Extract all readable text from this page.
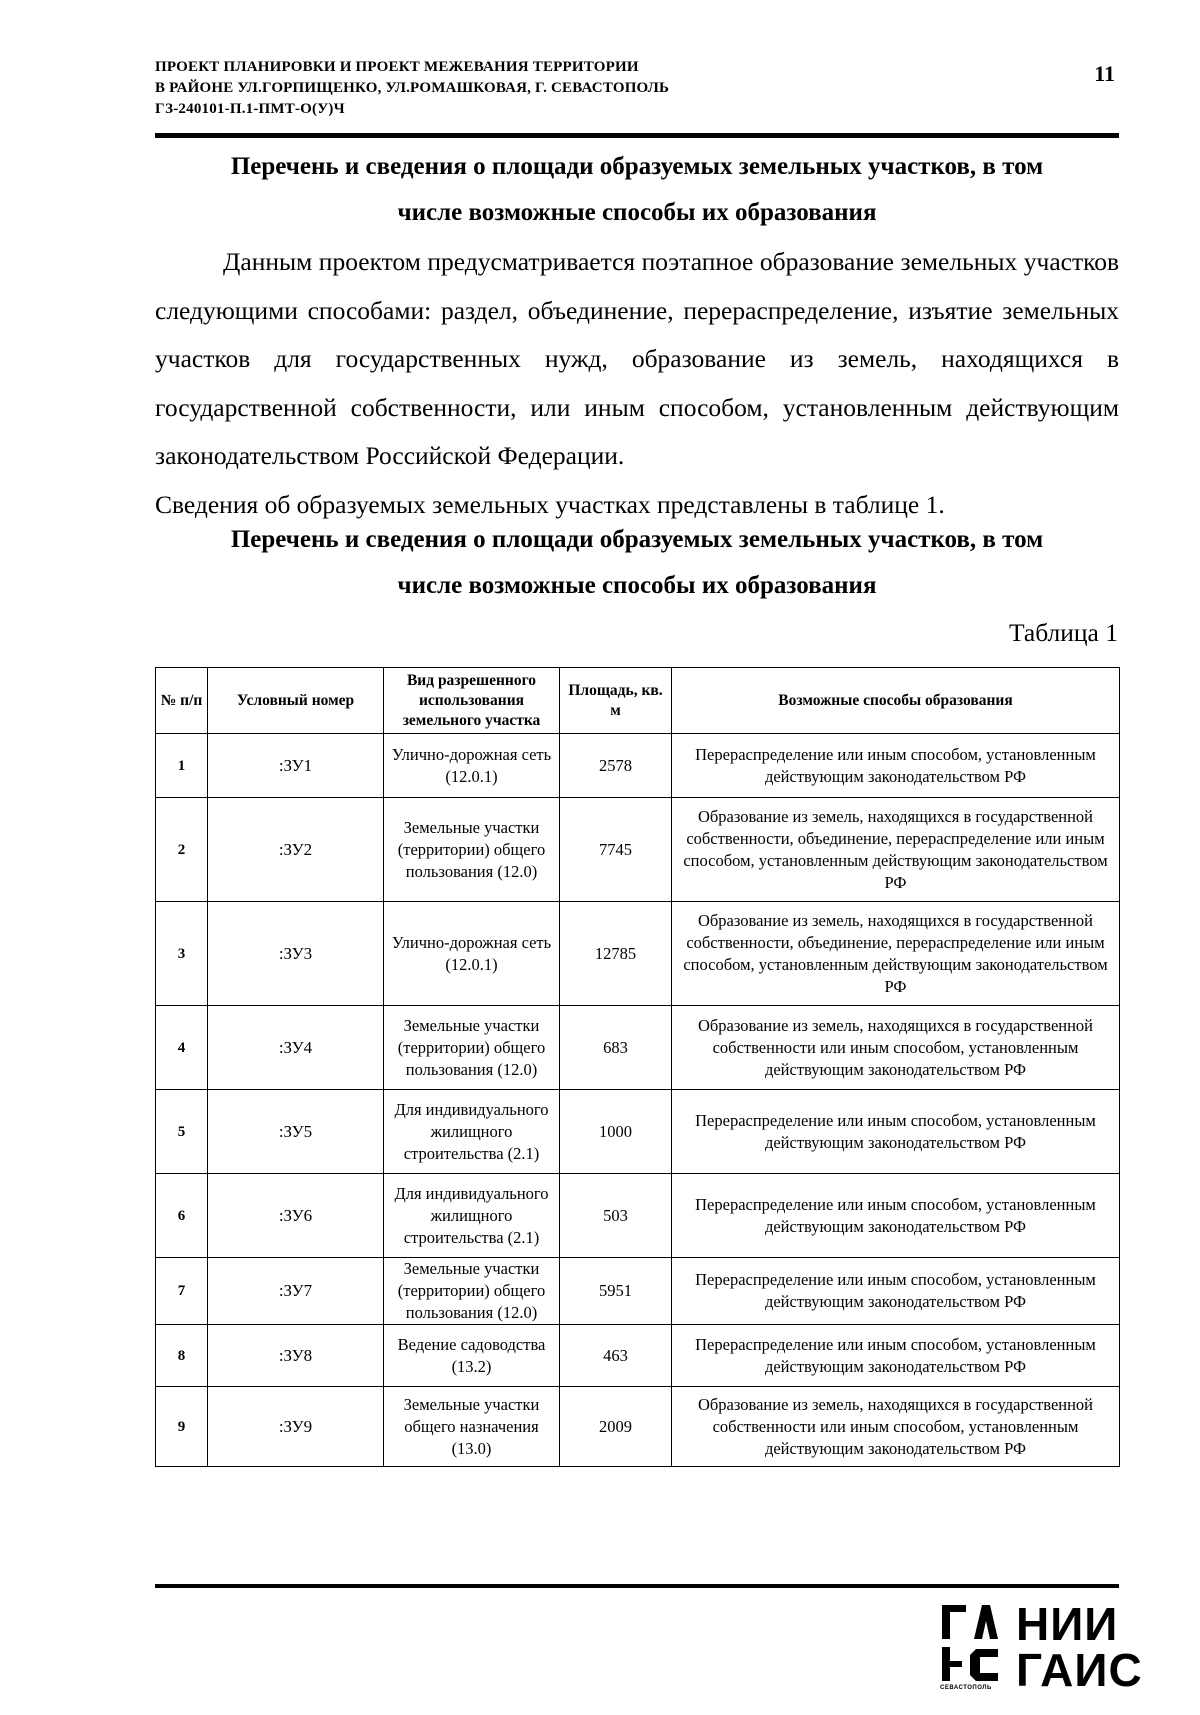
ПРОЕКТ ПЛАНИРОВКИ И ПРОЕКТ МЕЖЕВАНИЯ ТЕРРИТОРИИ
В РАЙОНЕ УЛ.ГОРПИЩЕНКО, УЛ.РОМАШКОВАЯ, Г. СЕВАСТОПОЛЬ
ГЗ-240101-П.1-ПМТ-О(У)Ч
11
Перечень и сведения о площади образуемых земельных участков, в том
числе возможные способы их образования
Данным проектом предусматривается поэтапное образование земельных участков следующими способами: раздел, объединение, перераспределение, изъятие земельных участков для государственных нужд, образование из земель, находящихся в государственной собственности, или иным способом, установленным действующим законодательством Российской Федерации.
Сведения об образуемых земельных участках представлены в таблице 1.
Перечень и сведения о площади образуемых земельных участков, в том
числе возможные способы их образования
Таблица 1
№ п/п	Условный номер	Вид разрешенного использования земельного участка	Площадь, кв. м	Возможные способы образования
1	:ЗУ1	Улично-дорожная сеть (12.0.1)	2578	Перераспределение или иным способом, установленным действующим законодательством РФ
2	:ЗУ2	Земельные участки (территории) общего пользования (12.0)	7745	Образование из земель, находящихся в государственной собственности, объединение, перераспределение или иным способом, установленным действующим законодательством РФ
3	:ЗУ3	Улично-дорожная сеть (12.0.1)	12785	Образование из земель, находящихся в государственной собственности, объединение, перераспределение или иным способом, установленным действующим законодательством РФ
4	:ЗУ4	Земельные участки (территории) общего пользования (12.0)	683	Образование из земель, находящихся в государственной собственности или иным способом, установленным действующим законодательством РФ
5	:ЗУ5	Для индивидуального жилищного строительства (2.1)	1000	Перераспределение или иным способом, установленным действующим законодательством РФ
6	:ЗУ6	Для индивидуального жилищного строительства (2.1)	503	Перераспределение или иным способом, установленным действующим законодательством РФ
7	:ЗУ7	Земельные участки (территории) общего пользования (12.0)	5951	Перераспределение или иным способом, установленным действующим законодательством РФ
8	:ЗУ8	Ведение садоводства (13.2)	463	Перераспределение или иным способом, установленным действующим законодательством РФ
9	:ЗУ9	Земельные участки общего назначения (13.0)	2009	Образование из земель, находящихся в государственной собственности или иным способом, установленным действующим законодательством РФ
НИИ
ГАИС
СЕВАСТОПОЛЬ
